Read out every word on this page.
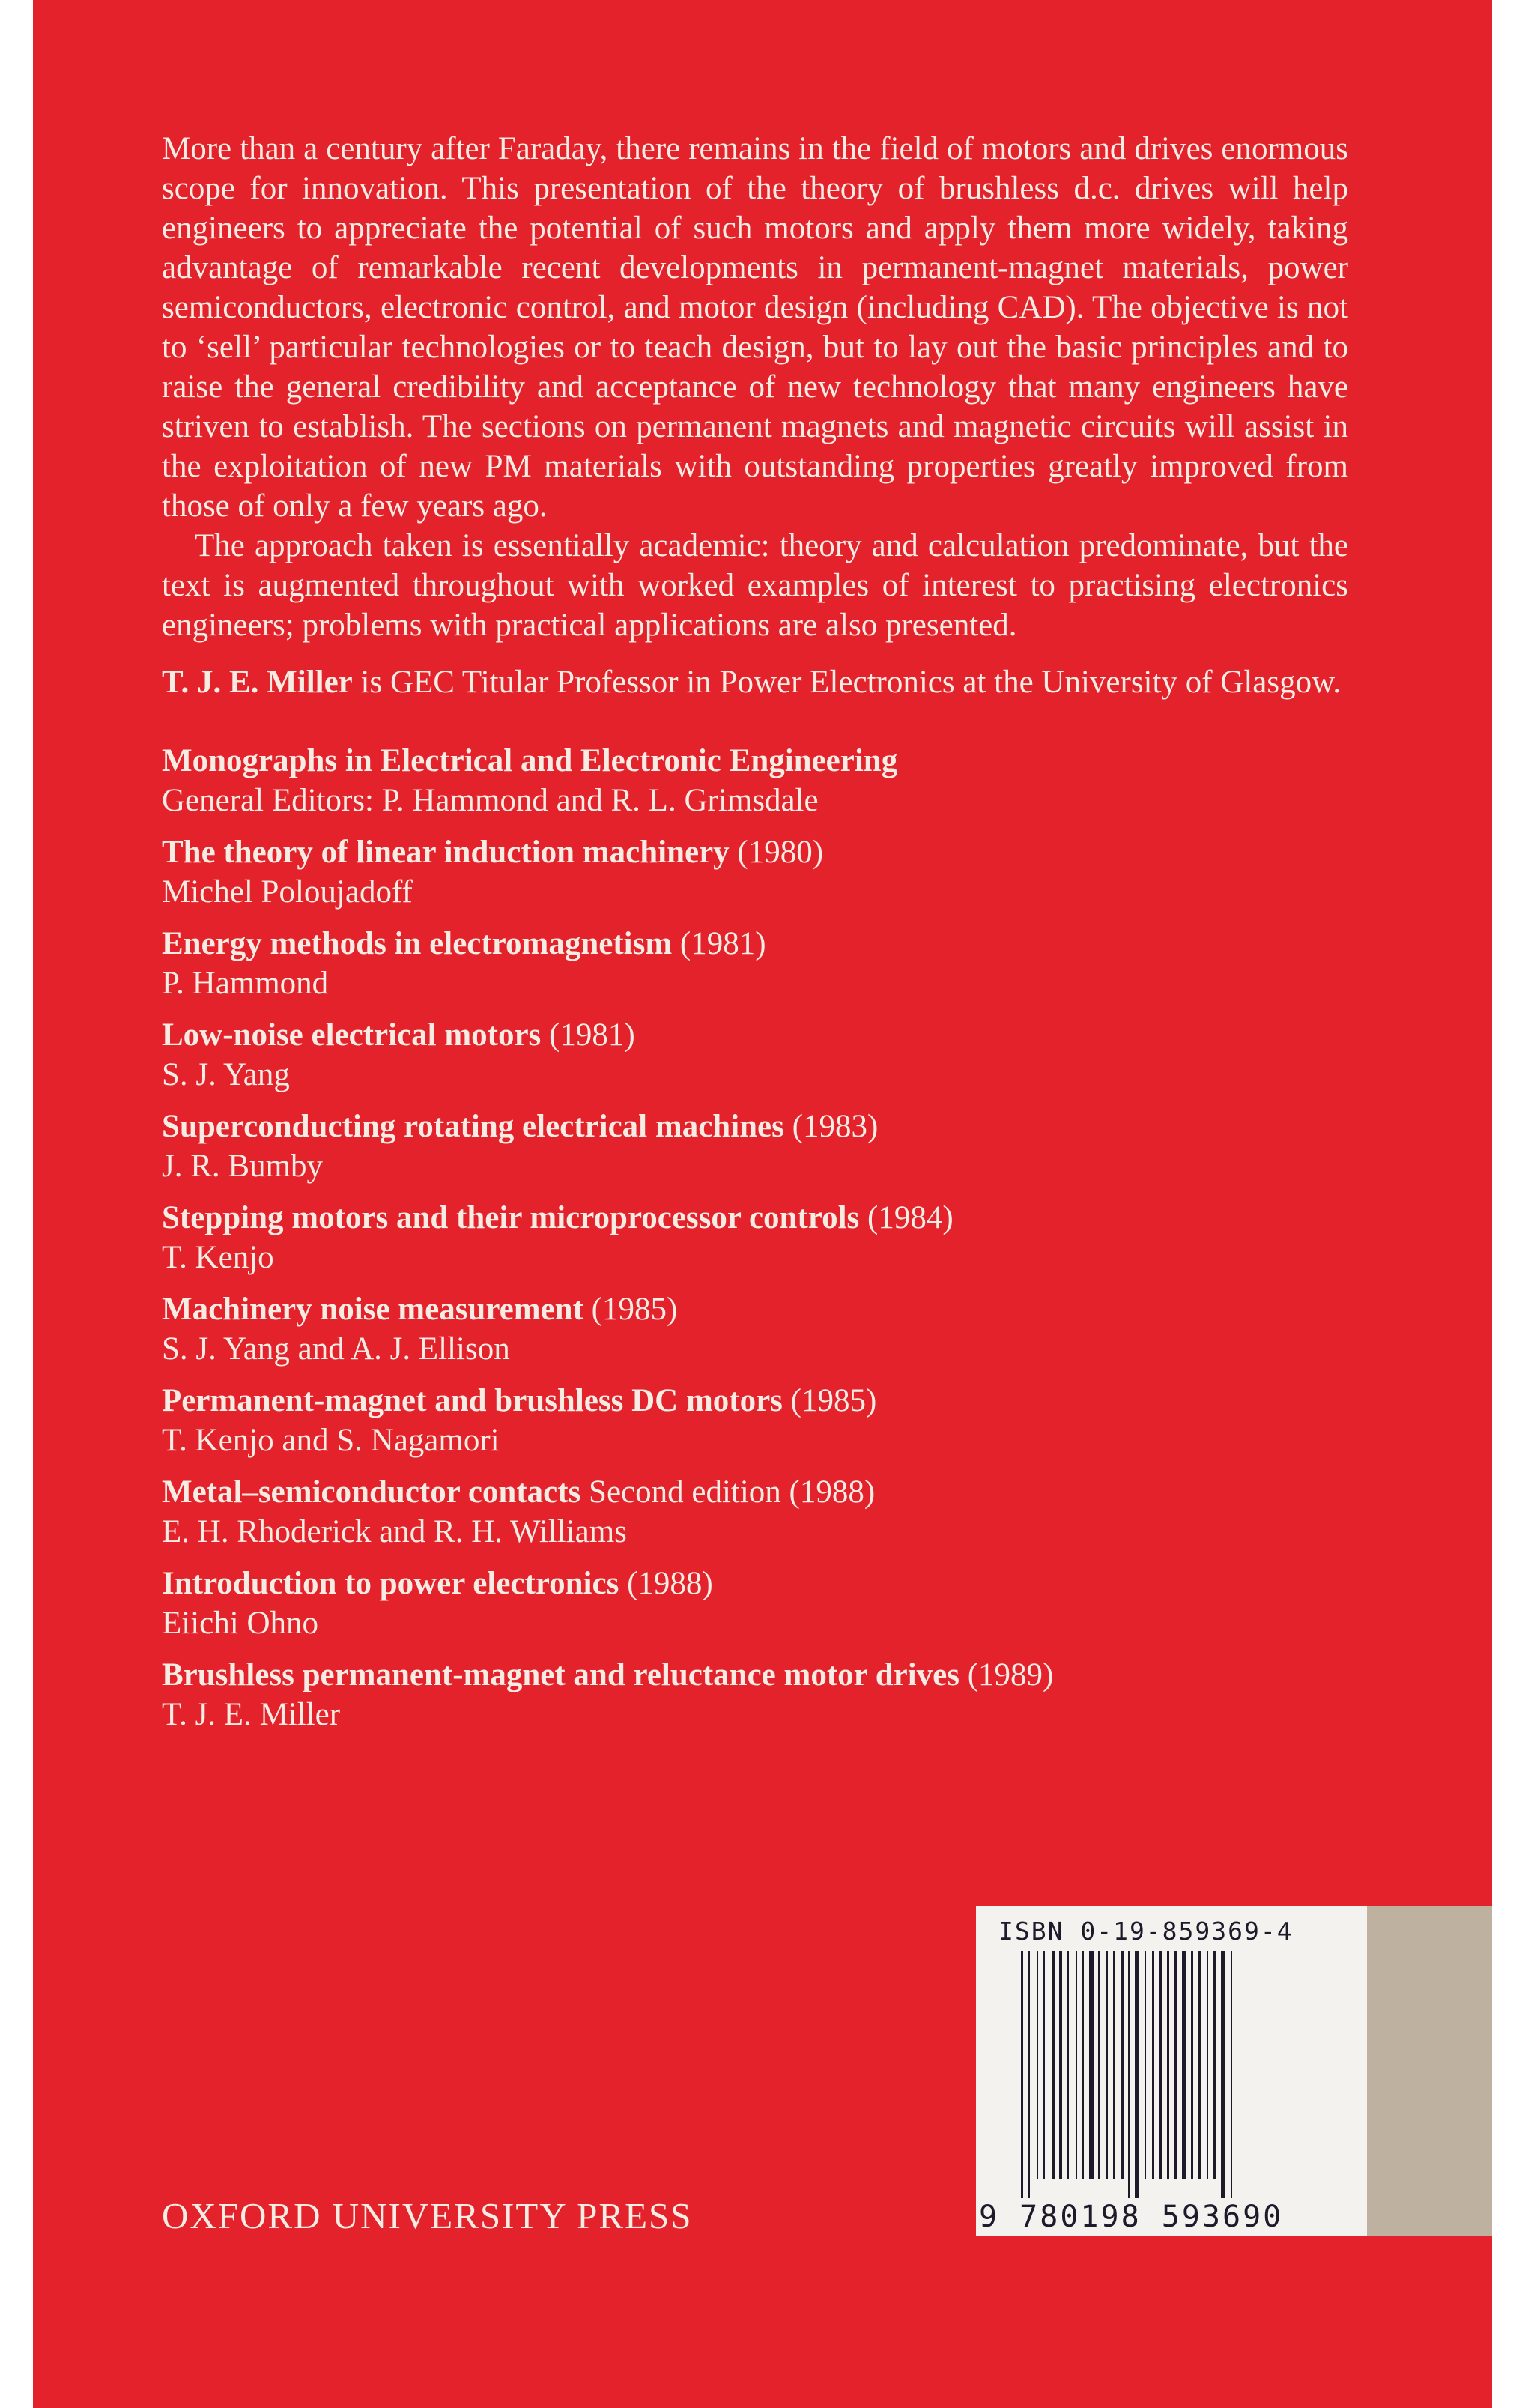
More than a century after Faraday, there remains in the field of motors and drives enormous scope for innovation. This presentation of the theory of brushless d.c. drives will help engineers to appreciate the potential of such motors and apply them more widely, taking advantage of remarkable recent developments in permanent-magnet materials, power semiconductors, electronic control, and motor design (including CAD). The objective is not to ‘sell’ particular technologies or to teach design, but to lay out the basic principles and to raise the general credibility and acceptance of new technology that many engineers have striven to establish. The sections on permanent magnets and magnetic circuits will assist in the exploitation of new PM materials with outstanding properties greatly improved from those of only a few years ago.

The approach taken is essentially academic: theory and calculation predominate, but the text is augmented throughout with worked examples of interest to practising electronics engineers; problems with practical applications are also presented.

T. J. E. Miller is GEC Titular Professor in Power Electronics at the University of Glasgow.

Monographs in Electrical and Electronic Engineering
General Editors: P. Hammond and R. L. Grimsdale
The theory of linear induction machinery (1980)
Michel Poloujadoff
Energy methods in electromagnetism (1981)
P. Hammond
Low-noise electrical motors (1981)
S. J. Yang
Superconducting rotating electrical machines (1983)
J. R. Bumby
Stepping motors and their microprocessor controls (1984)
T. Kenjo
Machinery noise measurement (1985)
S. J. Yang and A. J. Ellison
Permanent-magnet and brushless DC motors (1985)
T. Kenjo and S. Nagamori
Metal–semiconductor contacts Second edition (1988)
E. H. Rhoderick and R. H. Williams
Introduction to power electronics (1988)
Eiichi Ohno
Brushless permanent-magnet and reluctance motor drives (1989)
T. J. E. Miller
OXFORD UNIVERSITY PRESS
ISBN 0-19-859369-4
9 780198 593690
